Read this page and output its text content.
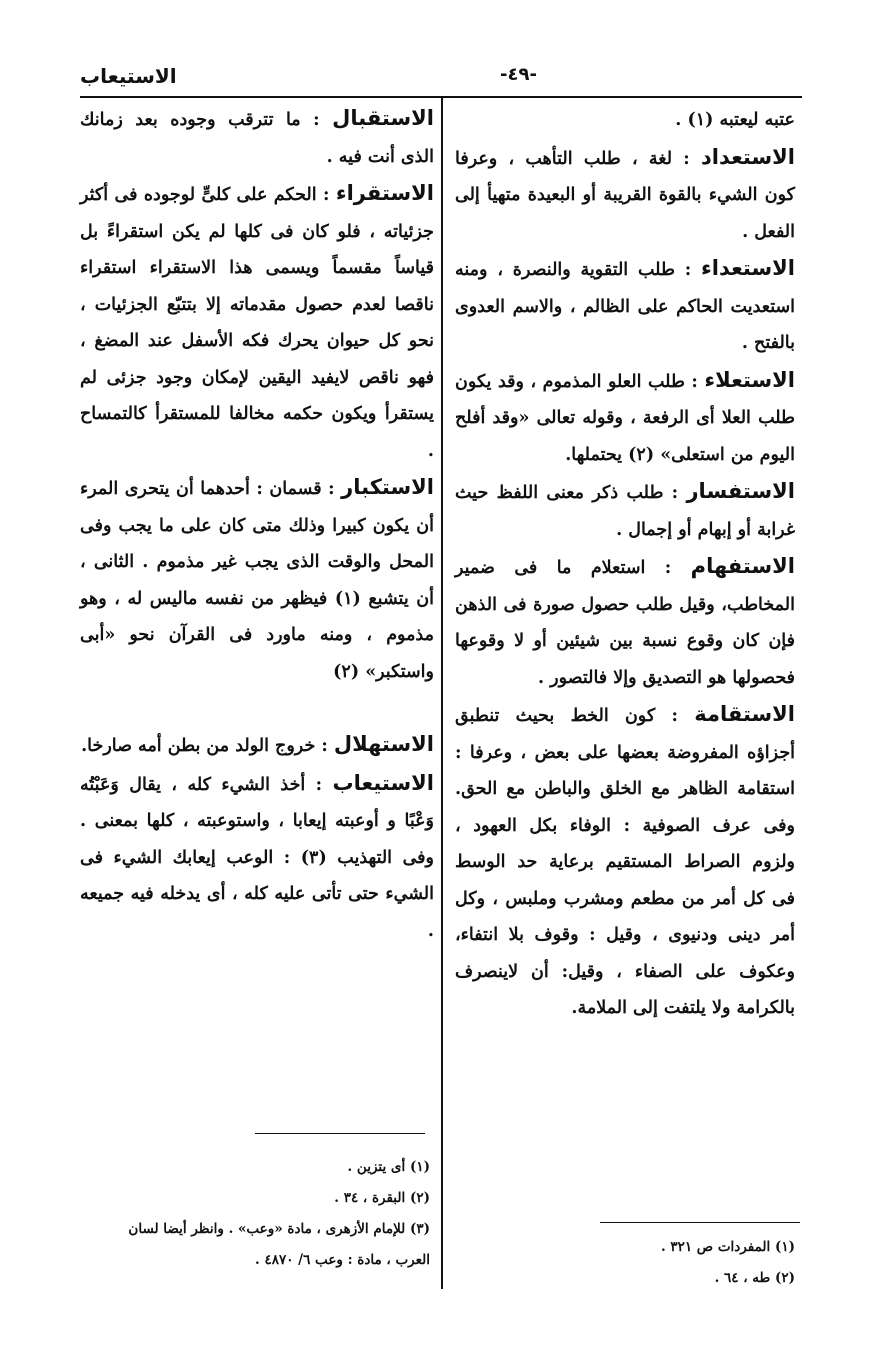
الاستيعاب	-٤٩-

عتبه ليعتبه (١) .

الاستعداد : لغة ، طلب التأهب ، وعرفا كون الشيء بالقوة القريبة أو البعيدة متهيأ إلى الفعل .

الاستعداء : طلب التقوية والنصرة ، ومنه استعديت الحاكم على الظالم ، والاسم العدوى بالفتح .

الاستعلاء : طلب العلو المذموم ، وقد يكون طلب العلا أى الرفعة ، وقوله تعالى «وقد أفلح اليوم من استعلى» (٢) يحتملها.

الاستفسار : طلب ذكر معنى اللفظ حيث غرابة أو إبهام أو إجمال .

الاستفهام : استعلام ما فى ضمير المخاطب، وقيل طلب حصول صورة فى الذهن فإن كان وقوع نسبة بين شيئين أو لا وقوعها فحصولها هو التصديق وإلا فالتصور .

الاستقامة : كون الخط بحيث تنطبق أجزاؤه المفروضة بعضها على بعض ، وعرفا : استقامة الظاهر مع الخلق والباطن مع الحق. وفى عرف الصوفية : الوفاء بكل العهود ، ولزوم الصراط المستقيم برعاية حد الوسط فى كل أمر من مطعم ومشرب وملبس ، وكل أمر دينى ودنيوى ، وقيل : وقوف بلا انتفاء، وعكوف على الصفاء ، وقيل: أن لاينصرف بالكرامة ولا يلتفت إلى الملامة.

الاستقبال : ما تترقب وجوده بعد زمانك الذى أنت فيه .

الاستقراء : الحكم على كلىٍّ لوجوده فى أكثر جزئياته ، فلو كان فى كلها لم يكن استقراءً بل قياساً مقسماً ويسمى هذا الاستقراء استقراء ناقصا لعدم حصول مقدماته إلا بتتبّع الجزئيات ، نحو كل حيوان يحرك فكه الأسفل عند المضغ ، فهو ناقص لايفيد اليقين لإمكان وجود جزئى لم يستقرأ ويكون حكمه مخالفا للمستقرأ كالتمساح .

الاستكبار : قسمان : أحدهما أن يتحرى المرء أن يكون كبيرا وذلك متى كان على ما يجب وفى المحل والوقت الذى يجب غير مذموم . الثانى ، أن يتشبع (١) فيظهر من نفسه ماليس له ، وهو مذموم ، ومنه ماورد فى القرآن نحو «أبى واستكبر» (٢)

الاستهلال : خروج الولد من بطن أمه صارخا.

الاستيعاب : أخذ الشيء كله ، يقال وَعَبْتُه وَعْبًا و أوعبته إيعابا ، واستوعبته ، كلها بمعنى . وفى التهذيب (٣) : الوعب إيعابك الشيء فى الشيء حتى تأتى عليه كله ، أى يدخله فيه جميعه .

(١) المفردات ص ٣٢١ .
(٢) طه ، ٦٤ .
(١) أى يتزين .
(٢) البقرة ، ٣٤ .
(٣) للإمام الأزهرى ، مادة «وعب» . وانظر أيضا لسان العرب ، مادة : وعب ٦/ ٤٨٧٠ .
